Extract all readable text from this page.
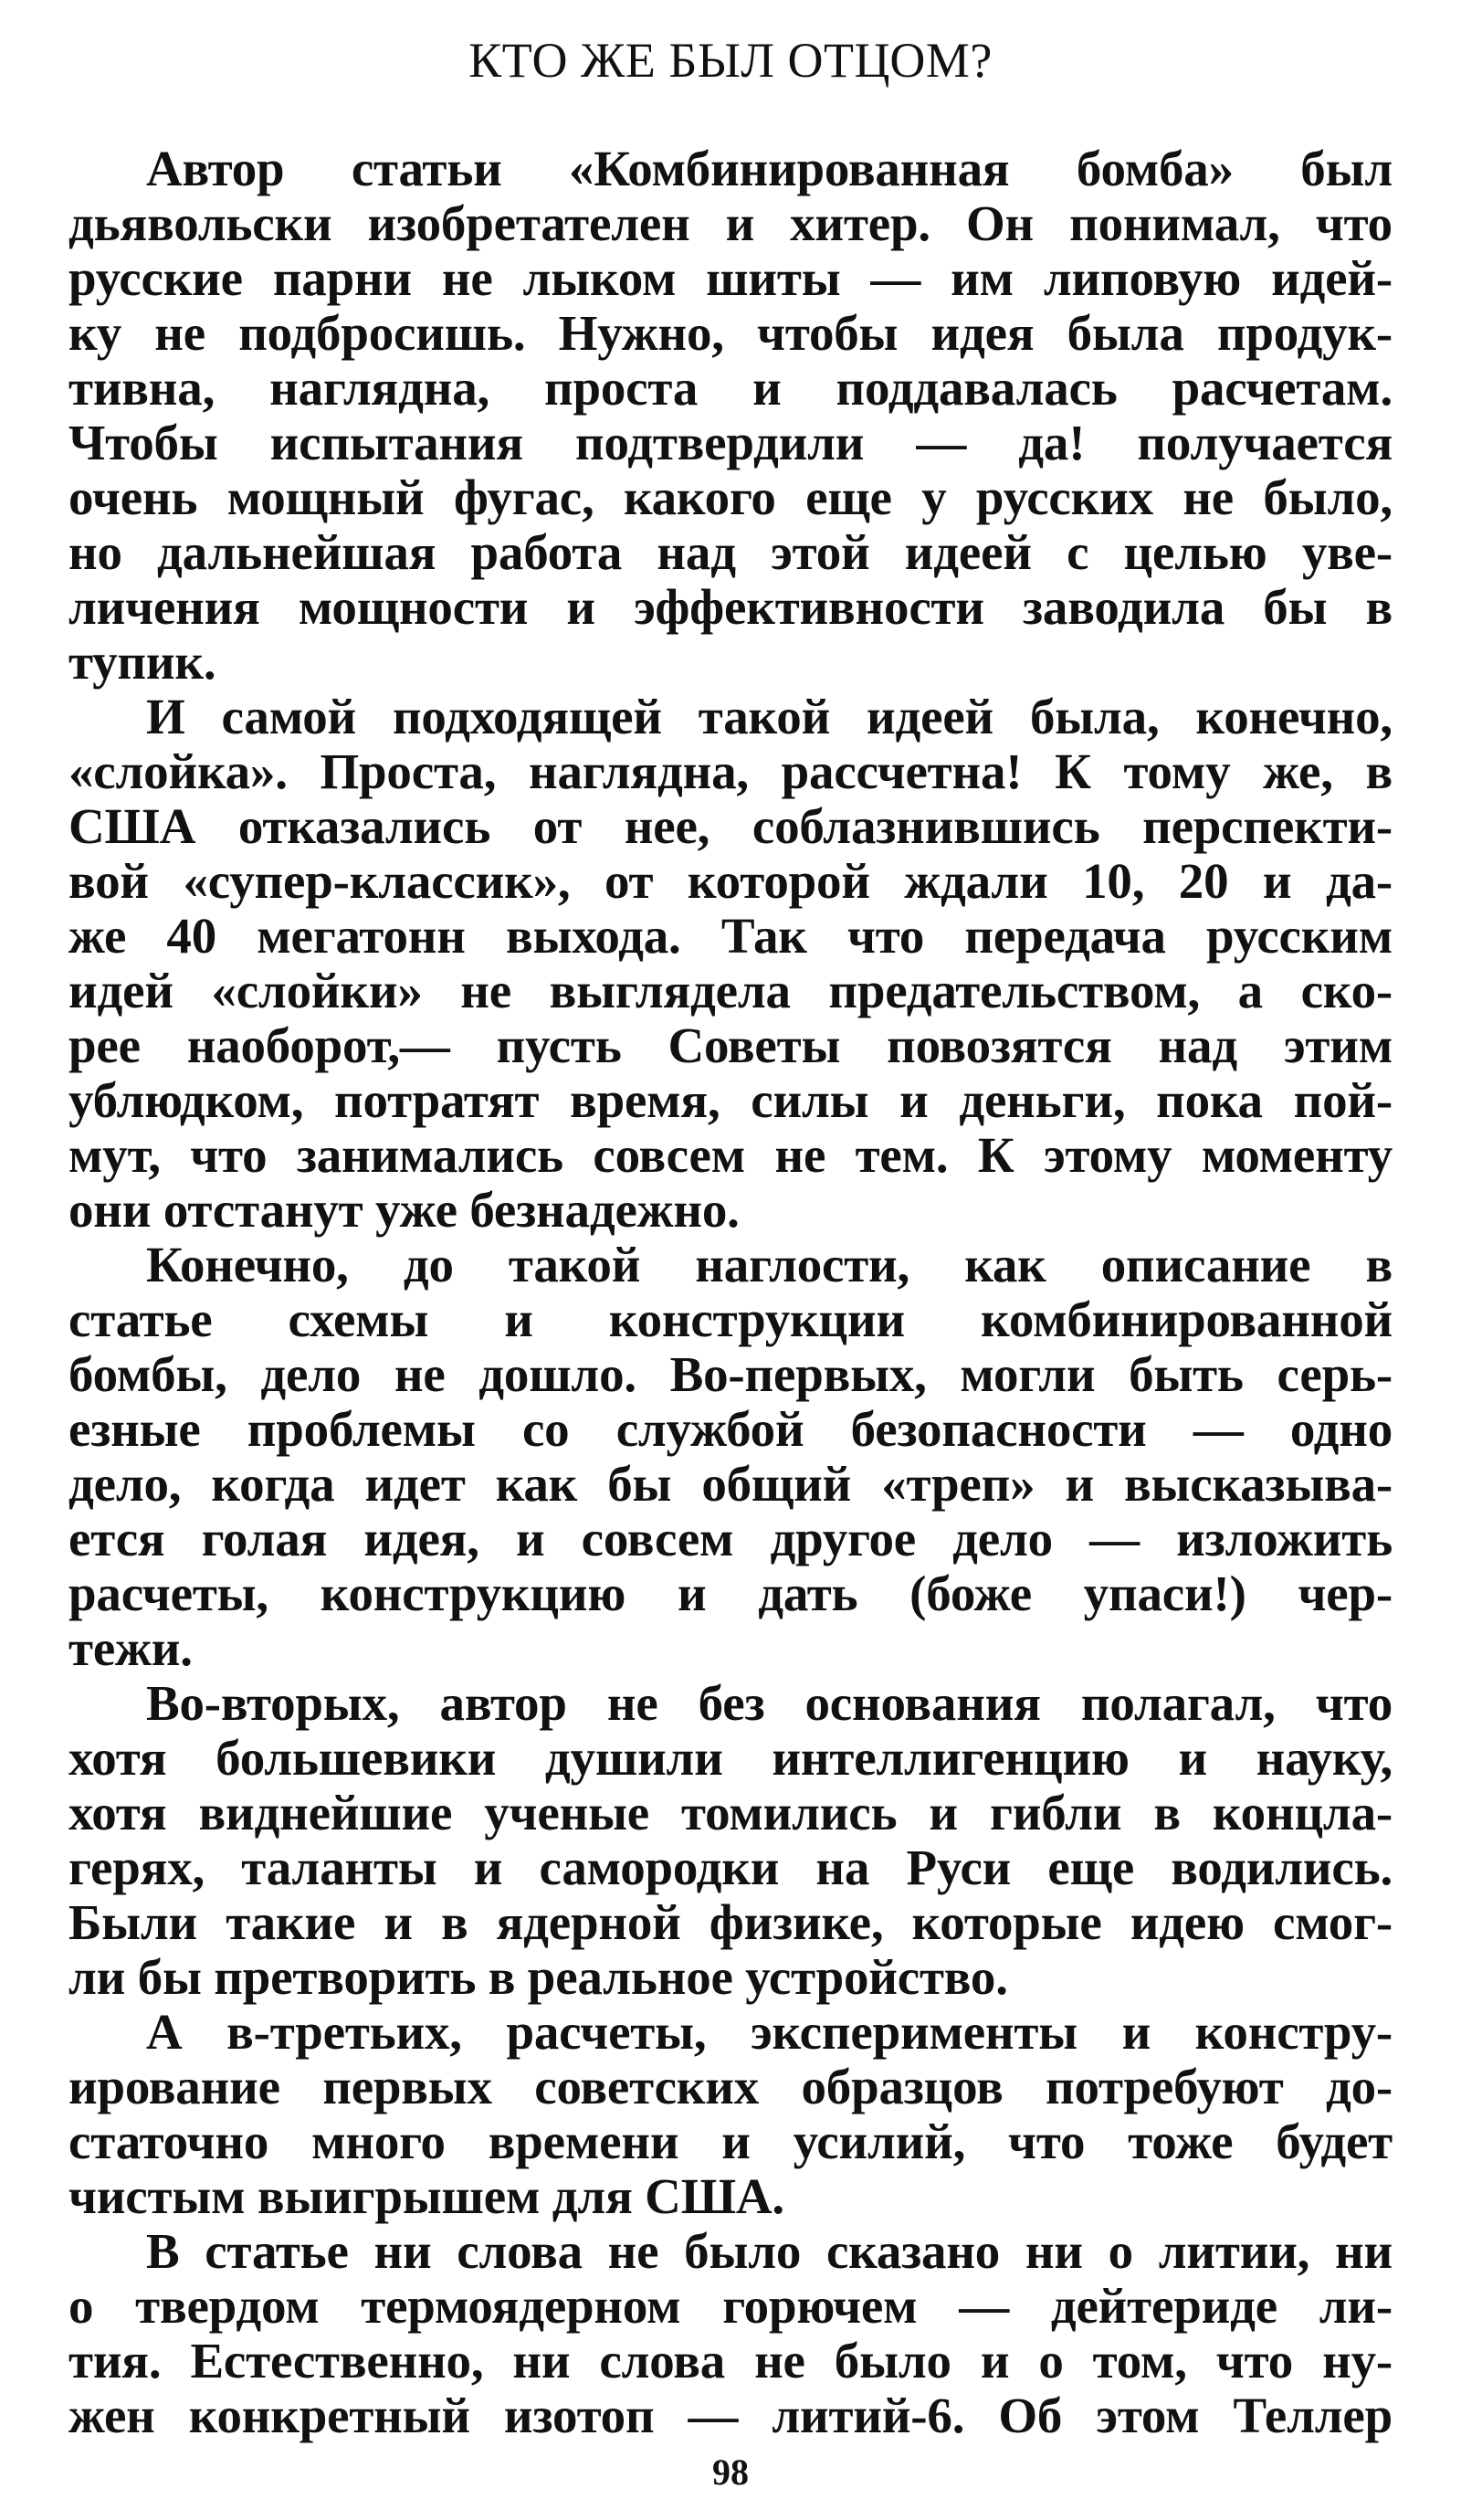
КТО ЖЕ БЫЛ ОТЦОМ?
Автор статьи «Комбинированная бомба» был
дьявольски изобретателен и хитер. Он понимал, что
русские парни не лыком шиты — им липовую идей-
ку не подбросишь. Нужно, чтобы идея была продук-
тивна, наглядна, проста и поддавалась расчетам.
Чтобы испытания подтвердили — да! получается
очень мощный фугас, какого еще у русских не было,
но дальнейшая работа над этой идеей с целью уве-
личения мощности и эффективности заводила бы в
тупик.
И самой подходящей такой идеей была, конечно,
«слойка». Проста, наглядна, рассчетна! К тому же, в
США отказались от нее, соблазнившись перспекти-
вой «супер-классик», от которой ждали 10, 20 и да-
же 40 мегатонн выхода. Так что передача русским
идей «слойки» не выглядела предательством, а ско-
рее наоборот,— пусть Советы повозятся над этим
ублюдком, потратят время, силы и деньги, пока пой-
мут, что занимались совсем не тем. К этому моменту
они отстанут уже безнадежно.
Конечно, до такой наглости, как описание в
статье схемы и конструкции комбинированной
бомбы, дело не дошло. Во-первых, могли быть серь-
езные проблемы со службой безопасности — одно
дело, когда идет как бы общий «треп» и высказыва-
ется голая идея, и совсем другое дело — изложить
расчеты, конструкцию и дать (боже упаси!) чер-
тежи.
Во-вторых, автор не без основания полагал, что
хотя большевики душили интеллигенцию и науку,
хотя виднейшие ученые томились и гибли в концла-
герях, таланты и самородки на Руси еще водились.
Были такие и в ядерной физике, которые идею смог-
ли бы претворить в реальное устройство.
А в-третьих, расчеты, эксперименты и констру-
ирование первых советских образцов потребуют до-
статочно много времени и усилий, что тоже будет
чистым выигрышем для США.
В статье ни слова не было сказано ни о литии, ни
о твердом термоядерном горючем — дейтериде ли-
тия. Естественно, ни слова не было и о том, что ну-
жен конкретный изотоп — литий-6. Об этом Теллер
98
